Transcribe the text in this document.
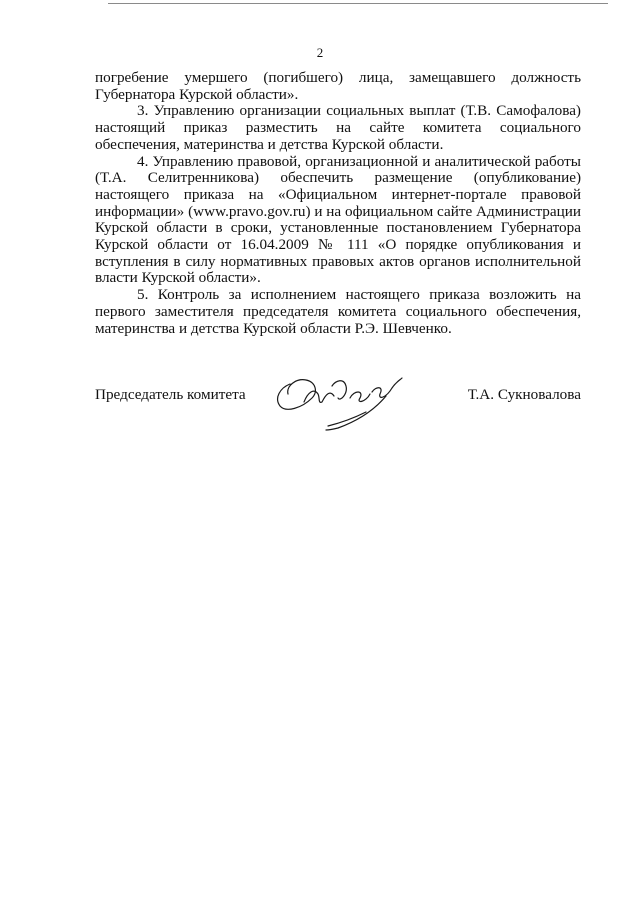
2

погребение умершего (погибшего) лица, замещавшего должность Губернатора Курской области».

3. Управлению организации социальных выплат (Т.В. Самофалова) настоящий приказ разместить на сайте комитета социального обеспечения, материнства и детства Курской области.

4. Управлению правовой, организационной и аналитической работы (Т.А. Селитренникова) обеспечить размещение (опубликование) настоящего приказа на «Официальном интернет-портале правовой информации» (www.pravo.gov.ru) и на официальном сайте Администрации Курской области в сроки, установленные постановлением Губернатора Курской области от 16.04.2009 № 111 «О порядке опубликования и вступления в силу нормативных правовых актов органов исполнительной власти Курской области».

5. Контроль за исполнением настоящего приказа возложить на первого заместителя председателя комитета социального обеспечения, материнства и детства Курской области Р.Э. Шевченко.

Председатель комитета	Т.А. Сукновалова
